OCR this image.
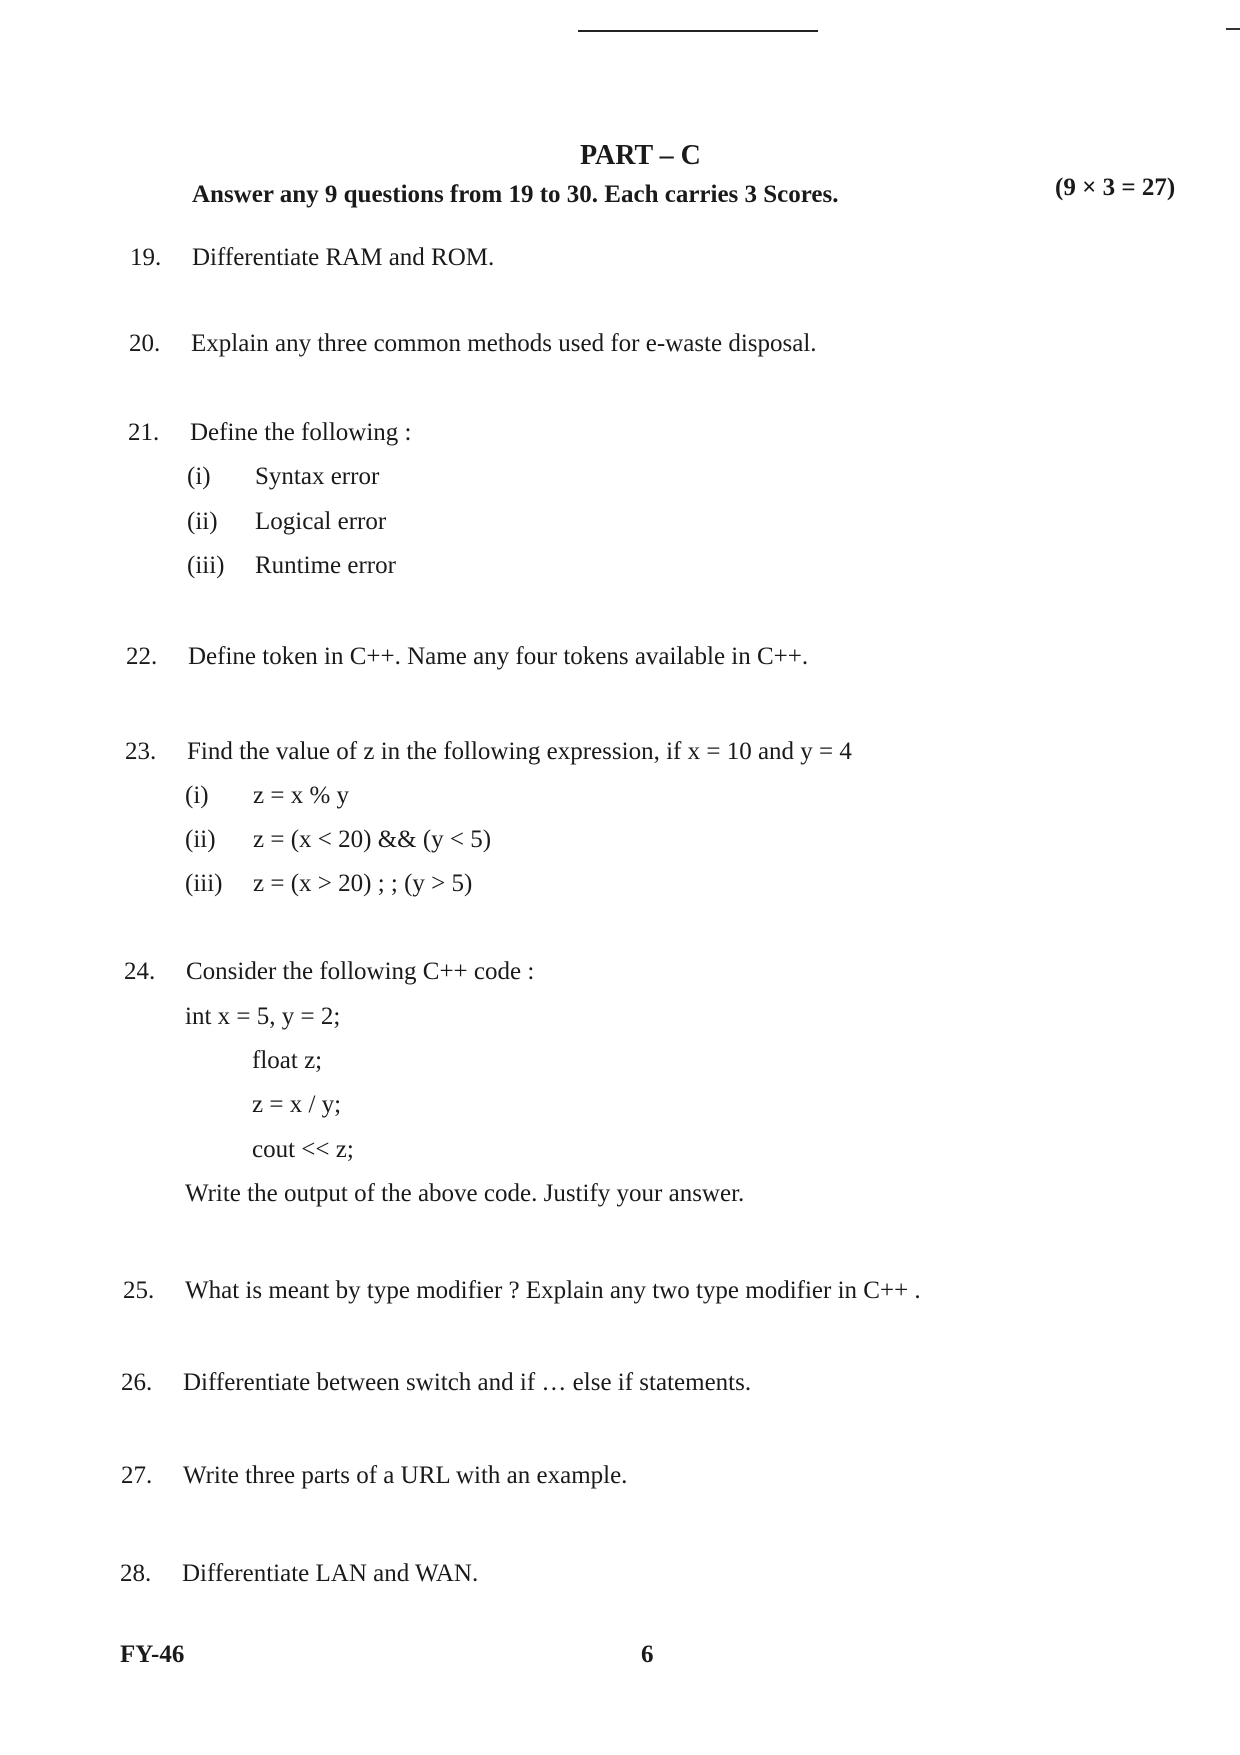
PART – C
Answer any 9 questions from 19 to 30. Each carries 3 Scores.	(9 × 3 = 27)
19. Differentiate RAM and ROM.
20. Explain any three common methods used for e-waste disposal.
21. Define the following :
(i) Syntax error
(ii) Logical error
(iii) Runtime error
22. Define token in C++. Name any four tokens available in C++.
23. Find the value of z in the following expression, if x = 10 and y = 4
(i) z = x % y
(ii) z = (x < 20) && (y < 5)
(iii) z = (x > 20) ; ; (y > 5)
24. Consider the following C++ code :
int x = 5, y = 2;
float z;
z = x / y;
cout << z;
Write the output of the above code. Justify your answer.
25. What is meant by type modifier ? Explain any two type modifier in C++ .
26. Differentiate between switch and if … else if statements.
27. Write three parts of a URL with an example.
28. Differentiate LAN and WAN.
FY-46	6
